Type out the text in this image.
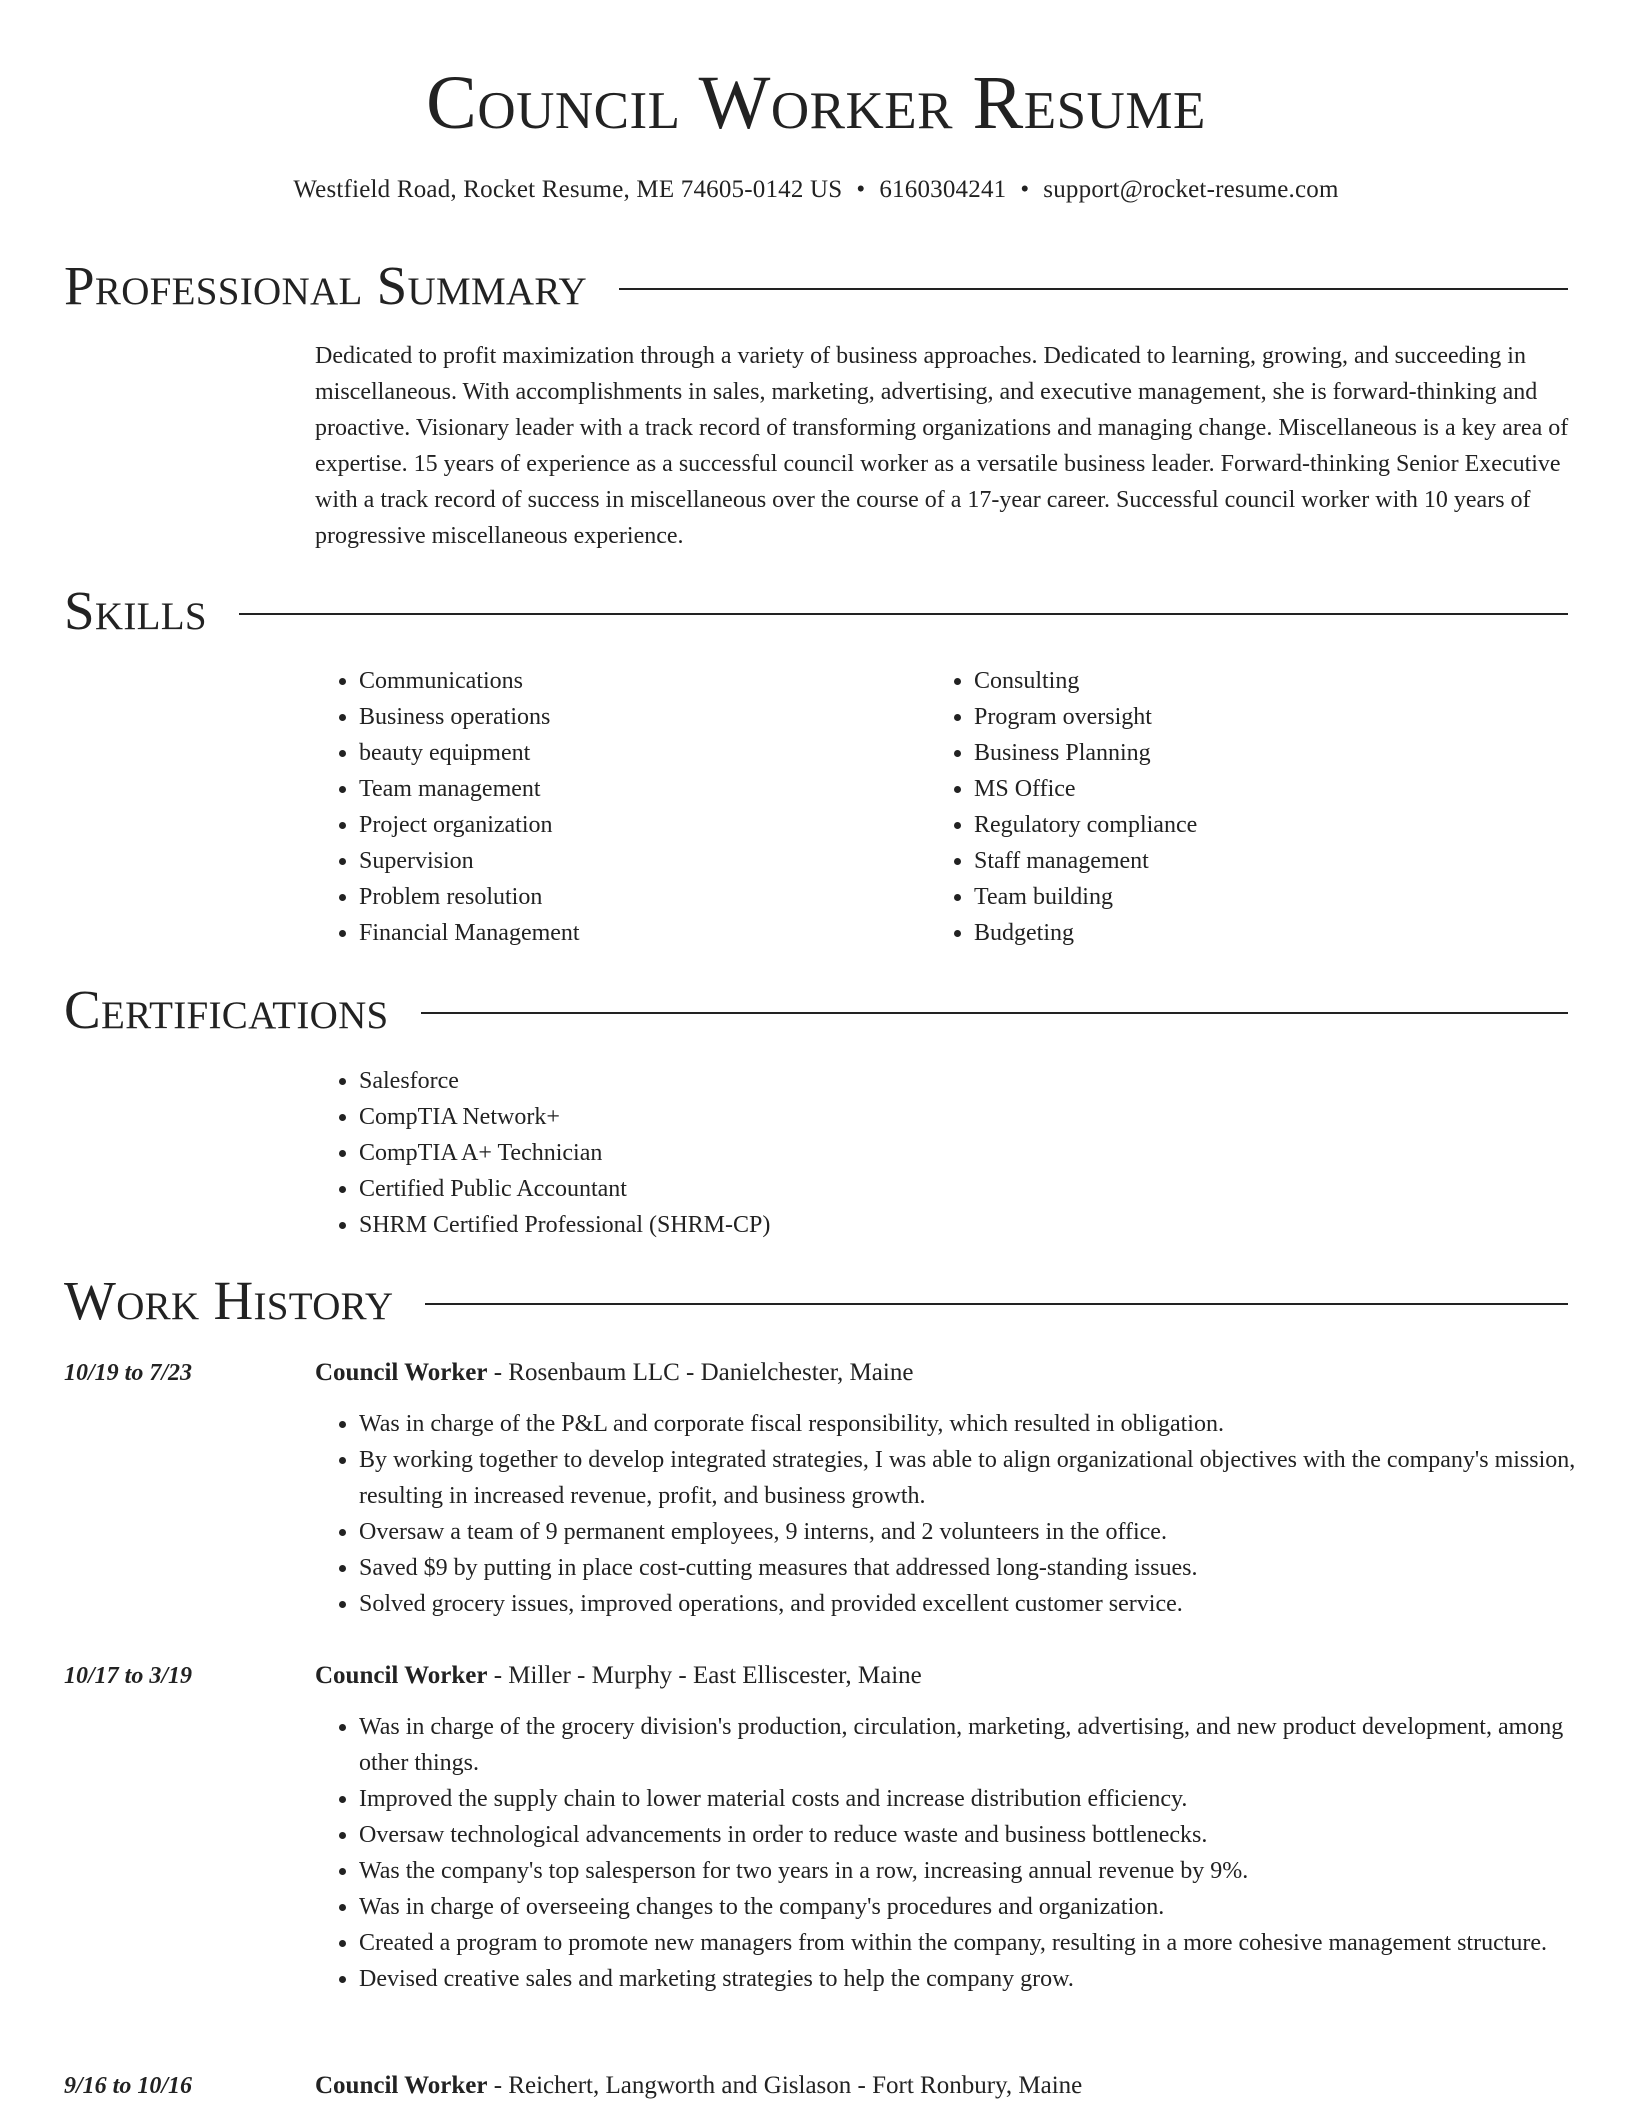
Council Worker Resume
Westfield Road, Rocket Resume, ME 74605-0142 US • 6160304241 • support@rocket-resume.com
Professional Summary

Dedicated to profit maximization through a variety of business approaches. Dedicated to learning, growing, and succeeding in miscellaneous. With accomplishments in sales, marketing, advertising, and executive management, she is forward-thinking and proactive. Visionary leader with a track record of transforming organizations and managing change. Miscellaneous is a key area of expertise. 15 years of experience as a successful council worker as a versatile business leader. Forward-thinking Senior Executive with a track record of success in miscellaneous over the course of a 17-year career. Successful council worker with 10 years of progressive miscellaneous experience.

Skills
• Communications
• Business operations
• beauty equipment
• Team management
• Project organization
• Supervision
• Problem resolution
• Financial Management
• Consulting
• Program oversight
• Business Planning
• MS Office
• Regulatory compliance
• Staff management
• Team building
• Budgeting
Certifications
• Salesforce
• CompTIA Network+
• CompTIA A+ Technician
• Certified Public Accountant
• SHRM Certified Professional (SHRM-CP)
Work History
10/19 to 7/23	Council Worker - Rosenbaum LLC - Danielchester, Maine
• Was in charge of the P&L and corporate fiscal responsibility, which resulted in obligation.
• By working together to develop integrated strategies, I was able to align organizational objectives with the company's mission, resulting in increased revenue, profit, and business growth.
• Oversaw a team of 9 permanent employees, 9 interns, and 2 volunteers in the office.
• Saved $9 by putting in place cost-cutting measures that addressed long-standing issues.
• Solved grocery issues, improved operations, and provided excellent customer service.
10/17 to 3/19	Council Worker - Miller - Murphy - East Elliscester, Maine
• Was in charge of the grocery division's production, circulation, marketing, advertising, and new product development, among other things.
• Improved the supply chain to lower material costs and increase distribution efficiency.
• Oversaw technological advancements in order to reduce waste and business bottlenecks.
• Was the company's top salesperson for two years in a row, increasing annual revenue by 9%.
• Was in charge of overseeing changes to the company's procedures and organization.
• Created a program to promote new managers from within the company, resulting in a more cohesive management structure.
• Devised creative sales and marketing strategies to help the company grow.
9/16 to 10/16	Council Worker - Reichert, Langworth and Gislason - Fort Ronbury, Maine
